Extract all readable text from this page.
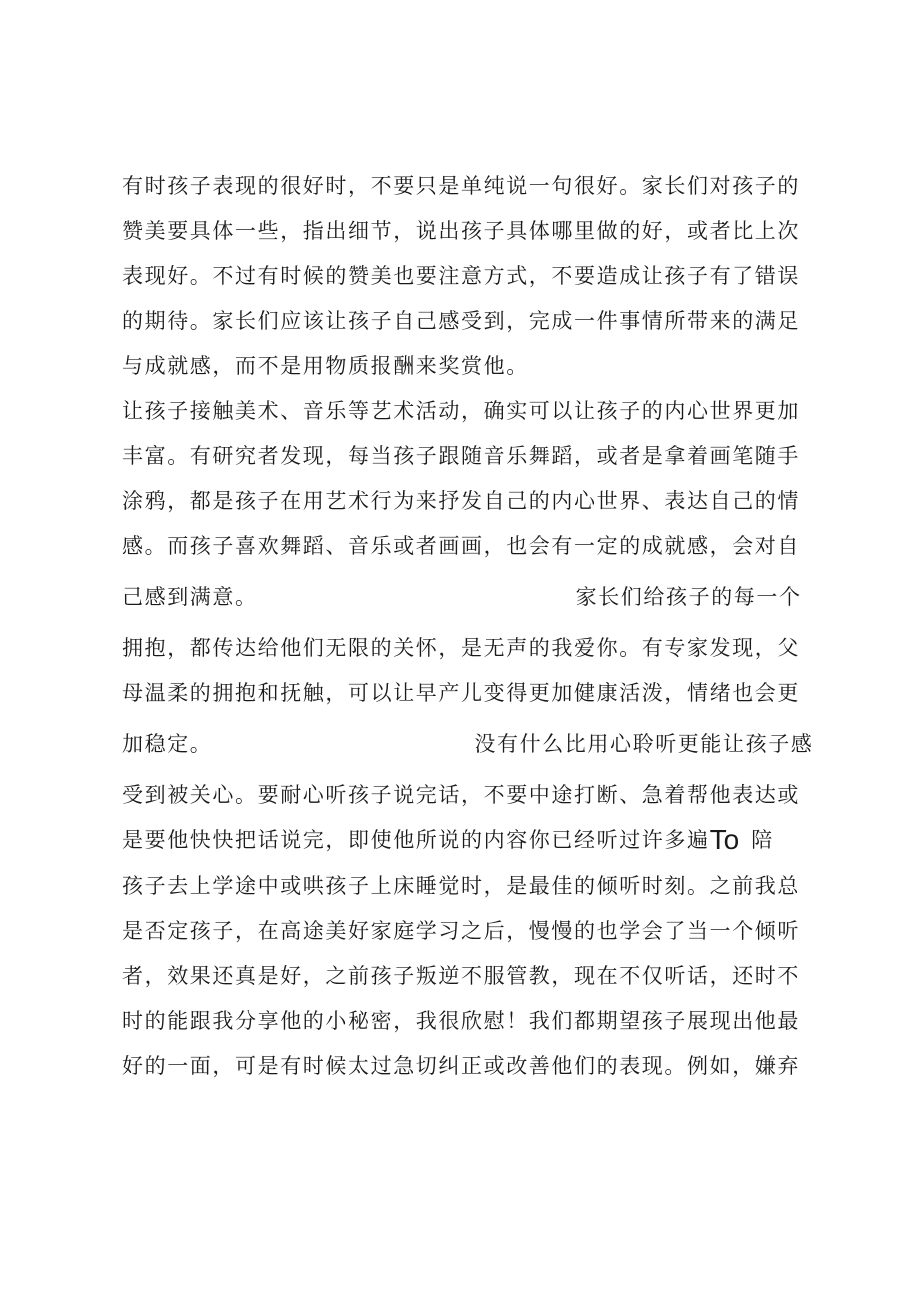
有时孩子表现的很好时，不要只是单纯说一句很好。家长们对孩子的
赞美要具体一些，指出细节，说出孩子具体哪里做的好，或者比上次
表现好。不过有时候的赞美也要注意方式，不要造成让孩子有了错误
的期待。家长们应该让孩子自己感受到，完成一件事情所带来的满足
与成就感，而不是用物质报酬来奖赏他。
让孩子接触美术、音乐等艺术活动，确实可以让孩子的内心世界更加
丰富。有研究者发现，每当孩子跟随音乐舞蹈，或者是拿着画笔随手
涂鸦，都是孩子在用艺术行为来抒发自己的内心世界、表达自己的情
感。而孩子喜欢舞蹈、音乐或者画画，也会有一定的成就感，会对自
己感到满意。	家长们给孩子的每一个
拥抱，都传达给他们无限的关怀，是无声的我爱你。有专家发现，父
母温柔的拥抱和抚触，可以让早产儿变得更加健康活泼，情绪也会更
加稳定。	没有什么比用心聆听更能让孩子感
受到被关心。要耐心听孩子说完话，不要中途打断、急着帮他表达或
是要他快快把话说完，即使他所说的内容你已经听过许多遍To 陪
孩子去上学途中或哄孩子上床睡觉时，是最佳的倾听时刻。之前我总
是否定孩子，在高途美好家庭学习之后，慢慢的也学会了当一个倾听
者，效果还真是好，之前孩子叛逆不服管教，现在不仅听话，还时不
时的能跟我分享他的小秘密，我很欣慰！我们都期望孩子展现出他最
好的一面，可是有时候太过急切纠正或改善他们的表现。例如，嫌弃
